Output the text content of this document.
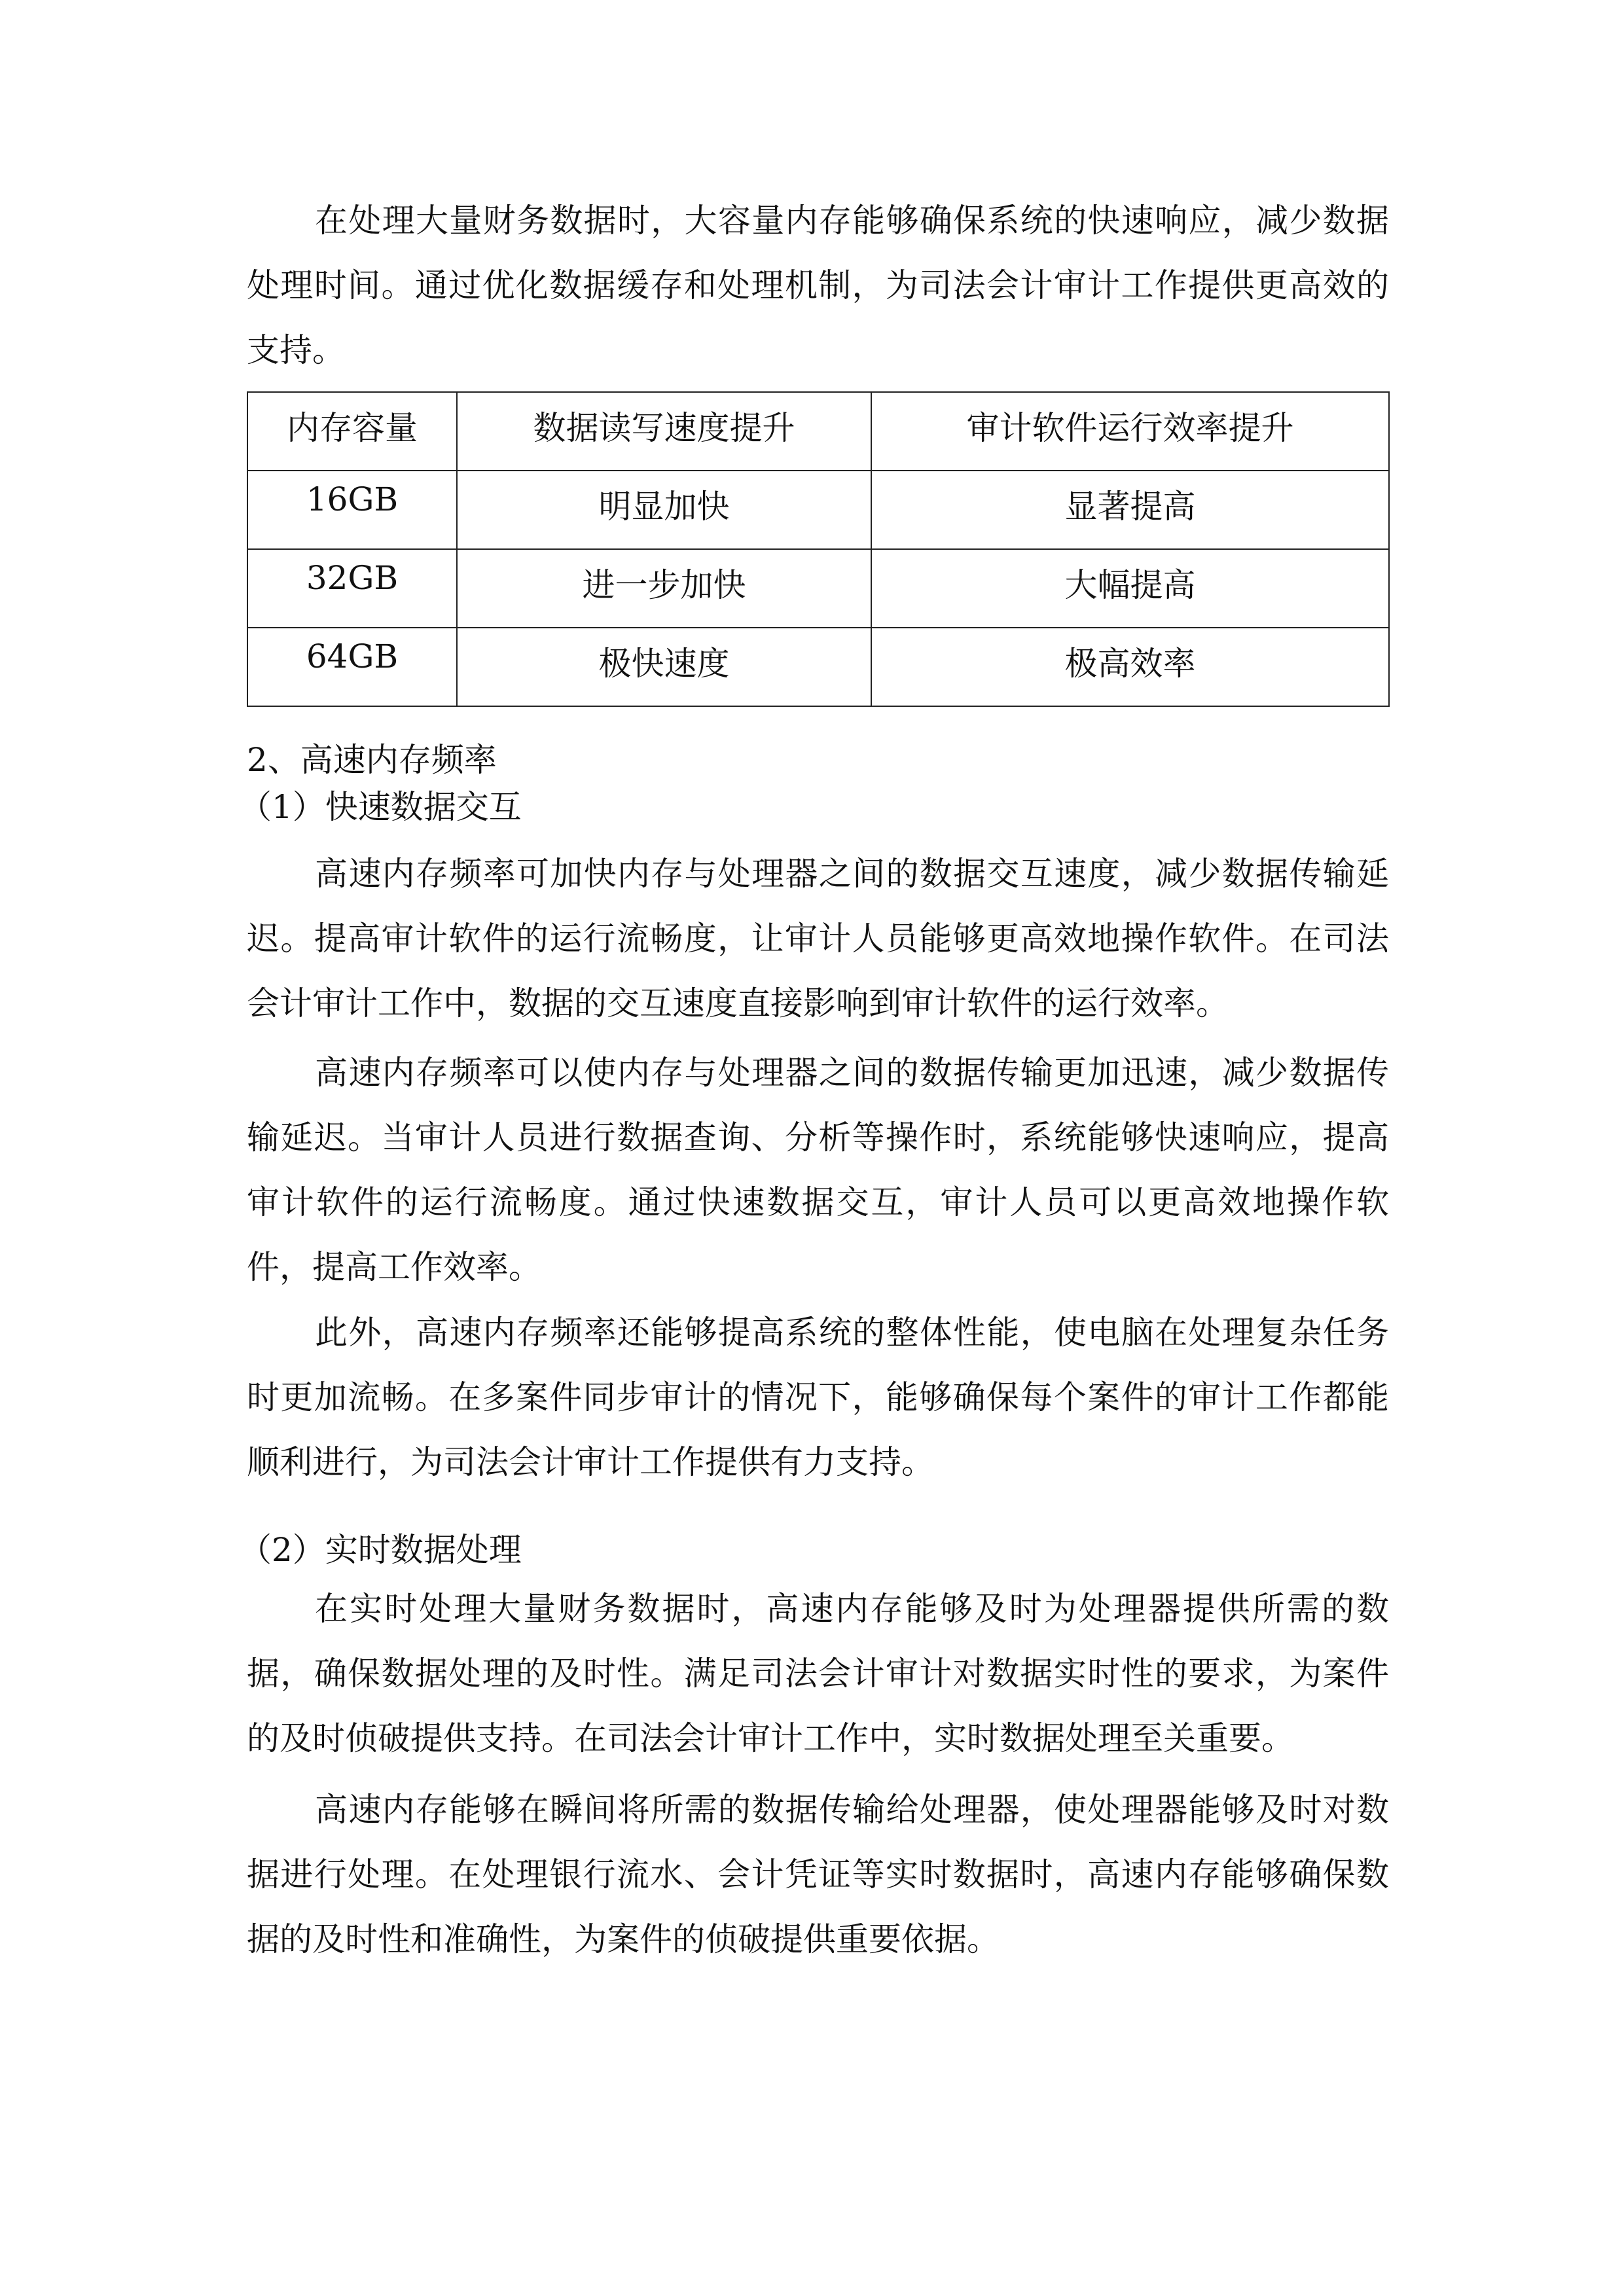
在处理大量财务数据时，大容量内存能够确保系统的快速响应，减少数据
处理时间。通过优化数据缓存和处理机制，为司法会计审计工作提供更高效的
支持。
内存容量	数据读写速度提升	审计软件运行效率提升
16GB	明显加快	显著提高
32GB	进一步加快	大幅提高
64GB	极快速度	极高效率
2、高速内存频率
（1）快速数据交互
高速内存频率可加快内存与处理器之间的数据交互速度，减少数据传输延
迟。提高审计软件的运行流畅度，让审计人员能够更高效地操作软件。在司法
会计审计工作中，数据的交互速度直接影响到审计软件的运行效率。
高速内存频率可以使内存与处理器之间的数据传输更加迅速，减少数据传
输延迟。当审计人员进行数据查询、分析等操作时，系统能够快速响应，提高
审计软件的运行流畅度。通过快速数据交互，审计人员可以更高效地操作软
件，提高工作效率。
此外，高速内存频率还能够提高系统的整体性能，使电脑在处理复杂任务
时更加流畅。在多案件同步审计的情况下，能够确保每个案件的审计工作都能
顺利进行，为司法会计审计工作提供有力支持。
（2）实时数据处理
在实时处理大量财务数据时，高速内存能够及时为处理器提供所需的数
据，确保数据处理的及时性。满足司法会计审计对数据实时性的要求，为案件
的及时侦破提供支持。在司法会计审计工作中，实时数据处理至关重要。
高速内存能够在瞬间将所需的数据传输给处理器，使处理器能够及时对数
据进行处理。在处理银行流水、会计凭证等实时数据时，高速内存能够确保数
据的及时性和准确性，为案件的侦破提供重要依据。
